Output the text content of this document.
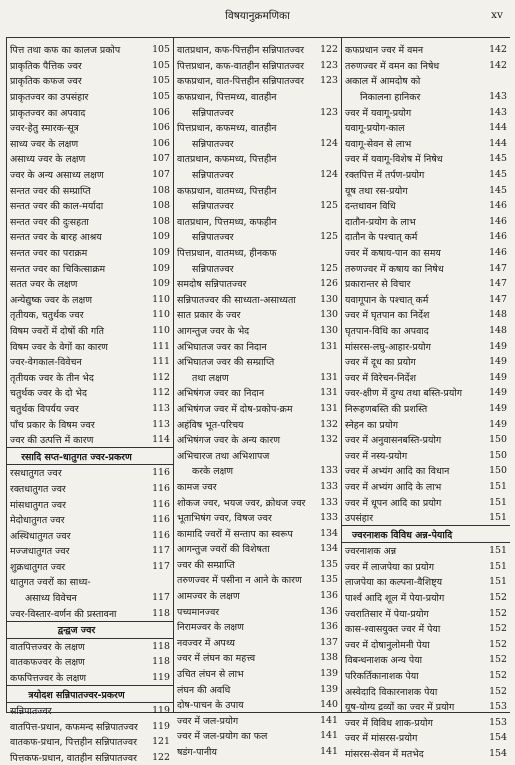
विषयानुक्रमणिका	xv
पित्त तथा कफ का कालज प्रकोप	105
प्राकृतिक पैत्तिक ज्वर	105
प्राकृतिक कफज ज्वर	105
प्राकृतज्वर का उपसंहार	105
प्राकृतज्वर का अपवाद	106
ज्वर-हेतु स्मारक-सूत्र	106
साध्य ज्वर के लक्षण	106
असाध्य ज्वर के लक्षण	107
ज्वर के अन्य असाध्य लक्षण	107
सन्तत ज्वर की सम्प्राप्ति	108
सन्तत ज्वर की काल-मर्यादा	108
सन्तत ज्वर की दुःसहता	108
सन्तत ज्वर के बारह आश्रय	109
सन्तत ज्वर का पराक्रम	109
सन्तत ज्वर का चिकित्साक्रम	109
सतत ज्वर के लक्षण	109
अन्येद्युष्क ज्वर के लक्षण	110
तृतीयक, चतुर्थक ज्वर	110
विषम ज्वरों में दोषों की गति	110
विषम ज्वर के वेगों का कारण	111
ज्वर-वेगकाल-विवेचन	111
तृतीयक ज्वर के तीन भेद	112
चतुर्थक ज्वर के दो भेद	112
चतुर्थक विपर्यय ज्वर	113
पाँच प्रकार के विषम ज्वर	113
ज्वर की उत्पत्ति में कारण	114
रसादि सप्त-धातुगत ज्वर-प्रकरण
रसधातुगत ज्वर	116
रक्तधातुगत ज्वर	116
मांसधातुगत ज्वर	116
मेदोधातुगत ज्वर	116
अस्थिधातुगत ज्वर	116
मज्जधातुगत ज्वर	117
शुक्रधातुगत ज्वर	117
धातुगत ज्वरों का साध्य-
असाध्य विवेचन	117
ज्वर-विस्तार-वर्णन की प्रस्तावना	118
द्वन्द्वज ज्वर
वातपित्तज्वर के लक्षण	118
वातकफज्वर के लक्षण	118
कफपित्तज्वर के लक्षण	119
त्रयोदश सन्निपातज्वर-प्रकरण
सन्निपातज्वर	119
वातपित्त-प्रधान, कफमन्द सन्निपातज्वर	119
वातकफ-प्रधान, पित्तहीन सन्निपातज्वर	121
पित्तकफ-प्रधान, वातहीन सन्निपातज्वर	122
वातप्रधान, कफ-पित्तहीन सन्निपातज्वर	122
पित्तप्रधान, कफ-वातहीन सन्निपातज्वर	123
कफप्रधान, वात-पित्तहीन सन्निपातज्वर	123
कफप्रधान, पित्तमध्य, वातहीन
सन्निपातज्वर	123
पित्तप्रधान, कफमध्य, वातहीन
सन्निपातज्वर	124
वातप्रधान, कफमध्य, पित्तहीन
सन्निपातज्वर	124
कफप्रधान, वातमध्य, पित्तहीन
सन्निपातज्वर	125
वातप्रधान, पित्तमध्य, कफहीन
सन्निपातज्वर	125
पित्तप्रधान, वातमध्य, हीनकफ
सन्निपातज्वर	125
समदोष सन्निपातज्वर	126
सन्निपातज्वर की साध्यता-असाध्यता	130
सात प्रकार के ज्वर	130
आगन्तुज ज्वर के भेद	130
अभिघातज ज्वर का निदान	131
अभिघातज ज्वर की सम्प्राप्ति
तथा लक्षण	131
अभिषंगज ज्वर का निदान	131
अभिषंगज ज्वर में दोष-प्रकोप-क्रम	131
अहंविष भूत-परिचय	132
अभिषंगज ज्वर के अन्य कारण	132
अभिचारज तथा अभिशापज
करके लक्षण	133
कामज ज्वर	133
शोकज ज्वर, भयज ज्वर, क्रोधज ज्वर	133
भूताभिषंग ज्वर, विषज ज्वर	133
कामादि ज्वरों में सन्ताप का स्वरूप	134
आगन्तुज ज्वरों की विशेषता	134
ज्वर की सम्प्राप्ति	135
तरुणज्वर में पसीना न आने के कारण	135
आमज्वर के लक्षण	136
पच्यमानज्वर	136
निरामज्वर के लक्षण	136
नवज्वर में अपथ्य	137
ज्वर में लंघन का महत्त्व	138
उचित लंघन से लाभ	139
लंघन की अवधि	139
दोष-पाचन के उपाय	140
ज्वर में जल-प्रयोग	141
ज्वर में जल-प्रयोग का फल	141
षडंग-पानीय	141
कफप्रधान ज्वर में वमन	142
तरुणज्वर में वमन का निषेध	142
अकाल में आमदोष को
निकालना हानिकर	143
ज्वर में यवागू-प्रयोग	143
यवागू-प्रयोग-काल	144
यवागू-सेवन से लाभ	144
ज्वर में यवागू-विशेष में निषेध	145
रक्तपित्त में तर्पण-प्रयोग	145
यूष तथा रस-प्रयोग	145
दन्तधावन विधि	146
दातौन-प्रयोग के लाभ	146
दातौन के पश्चात् कर्म	146
ज्वर में कषाय-पान का समय	146
तरुणज्वर में कषाय का निषेध	147
प्रकारान्तर से विचार	147
यवागूपान के पश्चात् कर्म	147
ज्वर में घृतपान का निर्देश	148
घृतपान-विधि का अपवाद	148
मांसरस-लघु-आहार-प्रयोग	149
ज्वर में दूध का प्रयोग	149
ज्वर में विरेचन-निर्देश	149
ज्वर-क्षीण में दुग्ध तथा बस्ति-प्रयोग	149
निरूहणबस्ति की प्रशस्ति	149
स्नेहन का प्रयोग	149
ज्वर में अनुवासनबस्ति-प्रयोग	150
ज्वर में नस्य-प्रयोग	150
ज्वर में अभ्यंग आदि का विधान	150
ज्वर में अभ्यंग आदि के लाभ	151
ज्वर में धूपन आदि का प्रयोग	151
उपसंहार	151
ज्वरनाशक विविध अन्न-पेयादि
ज्वरनाशक अन्न	151
ज्वर में लाजपेया का प्रयोग	151
लाजपेया का कल्पना-वैशिष्ट्य	151
पार्श्व आदि शूल में पेया-प्रयोग	152
ज्वरातिसार में पेया-प्रयोग	152
कास-श्वासयुक्त ज्वर में पेया	152
ज्वर में दोषानुलोमनी पेया	152
विबन्धनाशक अन्य पेया	152
परिकर्तिकानाशक पेया	152
अस्वेदादि विकारनाशक पेया	152
यूष-योग्य द्रव्यों का ज्वर में प्रयोग	153
ज्वर में विविध शाक-प्रयोग	153
ज्वर में मांसरस-प्रयोग	154
मांसरस-सेवन में मतभेद	154
